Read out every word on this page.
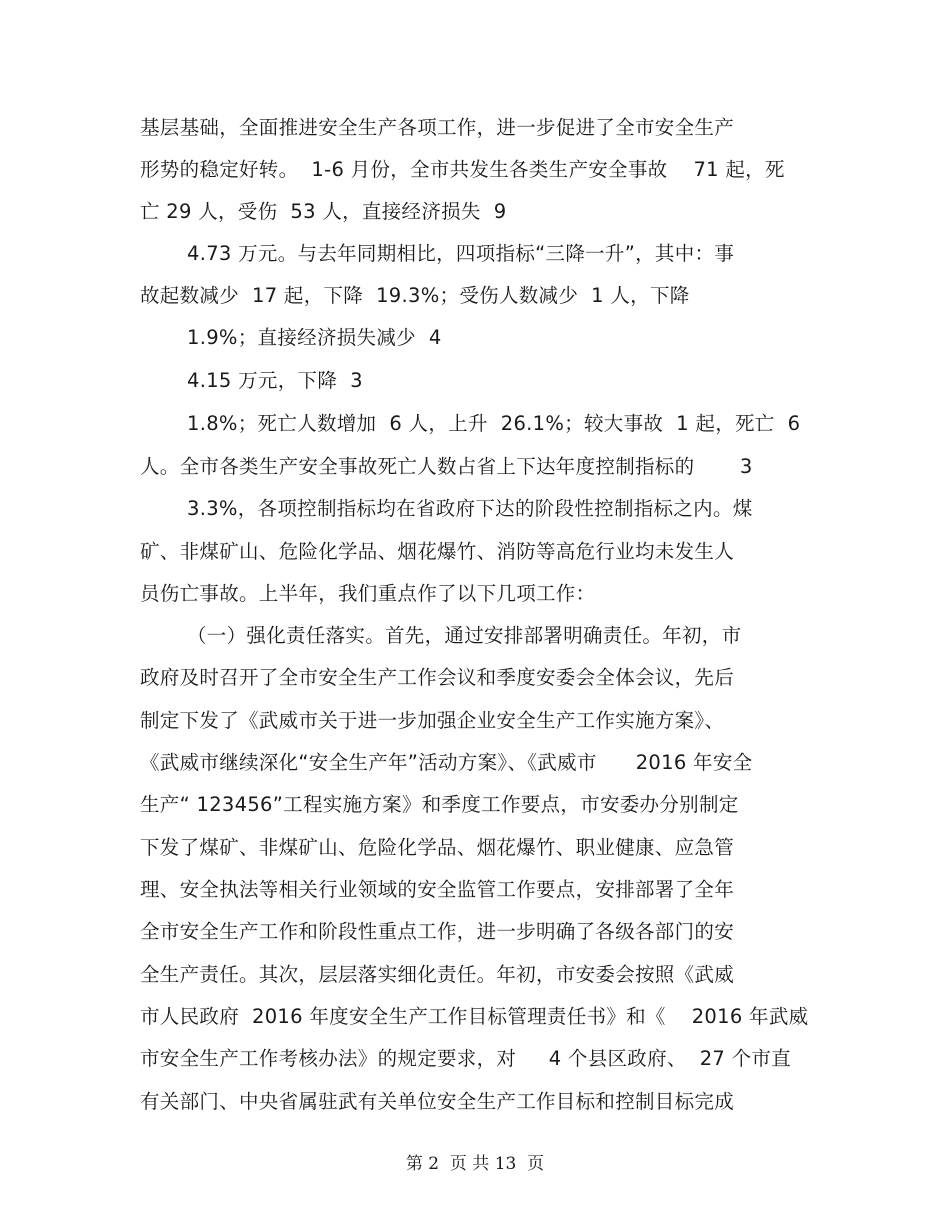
基层基础，全面推进安全生产各项工作，进一步促进了全市安全生产
形势的稳定好转。  1-6 月份，全市共发生各类生产安全事故    71 起，死
亡 29 人，受伤  53 人，直接经济损失  9
4.73 万元。与去年同期相比，四项指标“三降一升”，其中：事
故起数减少  17 起，下降  19.3%；受伤人数减少  1 人，下降
1.9%；直接经济损失减少  4
4.15 万元，下降  3
1.8%；死亡人数增加  6 人，上升  26.1%；较大事故  1 起，死亡  6
人。全市各类生产安全事故死亡人数占省上下达年度控制指标的       3
3.3%，各项控制指标均在省政府下达的阶段性控制指标之内。煤
矿、非煤矿山、危险化学品、烟花爆竹、消防等高危行业均未发生人
员伤亡事故。上半年，我们重点作了以下几项工作：
（一）强化责任落实。首先，通过安排部署明确责任。年初，市
政府及时召开了全市安全生产工作会议和季度安委会全体会议，先后
制定下发了《武威市关于进一步加强企业安全生产工作实施方案》、
《武威市继续深化“安全生产年”活动方案》、《武威市      2016 年安全
生产“ 123456”工程实施方案》和季度工作要点，市安委办分别制定
下发了煤矿、非煤矿山、危险化学品、烟花爆竹、职业健康、应急管
理、安全执法等相关行业领域的安全监管工作要点，安排部署了全年
全市安全生产工作和阶段性重点工作，进一步明确了各级各部门的安
全生产责任。其次，层层落实细化责任。年初，市安委会按照《武威
市人民政府  2016 年度安全生产工作目标管理责任书》和《    2016 年武威
市安全生产工作考核办法》的规定要求，对     4 个县区政府、  27 个市直
有关部门、中央省属驻武有关单位安全生产工作目标和控制目标完成
第 2  页 共 13  页
